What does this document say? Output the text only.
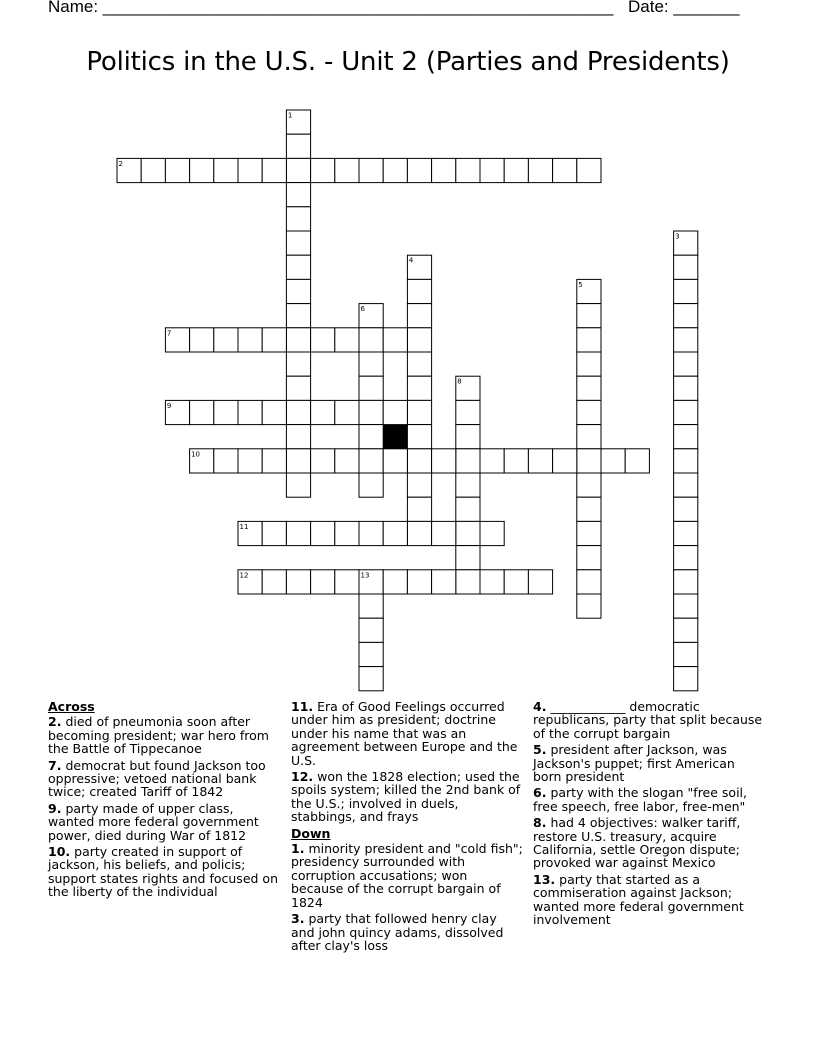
Name: ______________________________________________________ Date: _______
Politics in the U.S. - Unit 2 (Parties and Presidents)
1
2
3
4
5
6
7
8
9
10
11
12	13
Across
2. died of pneumonia soon after becoming president; war hero from the Battle of Tippecanoe
7. democrat but found Jackson too oppressive; vetoed national bank twice; created Tariff of 1842
9. party made of upper class, wanted more federal government power, died during War of 1812
10. party created in support of jackson, his beliefs, and policis; support states rights and focused on the liberty of the individual
11. Era of Good Feelings occurred under him as president; doctrine under his name that was an agreement between Europe and the U.S.
12. won the 1828 election; used the spoils system; killed the 2nd bank of the U.S.; involved in duels, stabbings, and frays
Down
1. minority president and "cold fish"; presidency surrounded with corruption accusations; won because of the corrupt bargain of 1824
3. party that followed henry clay and john quincy adams, dissolved after clay's loss
4. ____________ democratic republicans, party that split because of the corrupt bargain
5. president after Jackson, was Jackson's puppet; first American born president
6. party with the slogan "free soil, free speech, free labor, free-men"
8. had 4 objectives: walker tariff, restore U.S. treasury, acquire California, settle Oregon dispute; provoked war against Mexico
13. party that started as a commiseration against Jackson; wanted more federal government involvement
